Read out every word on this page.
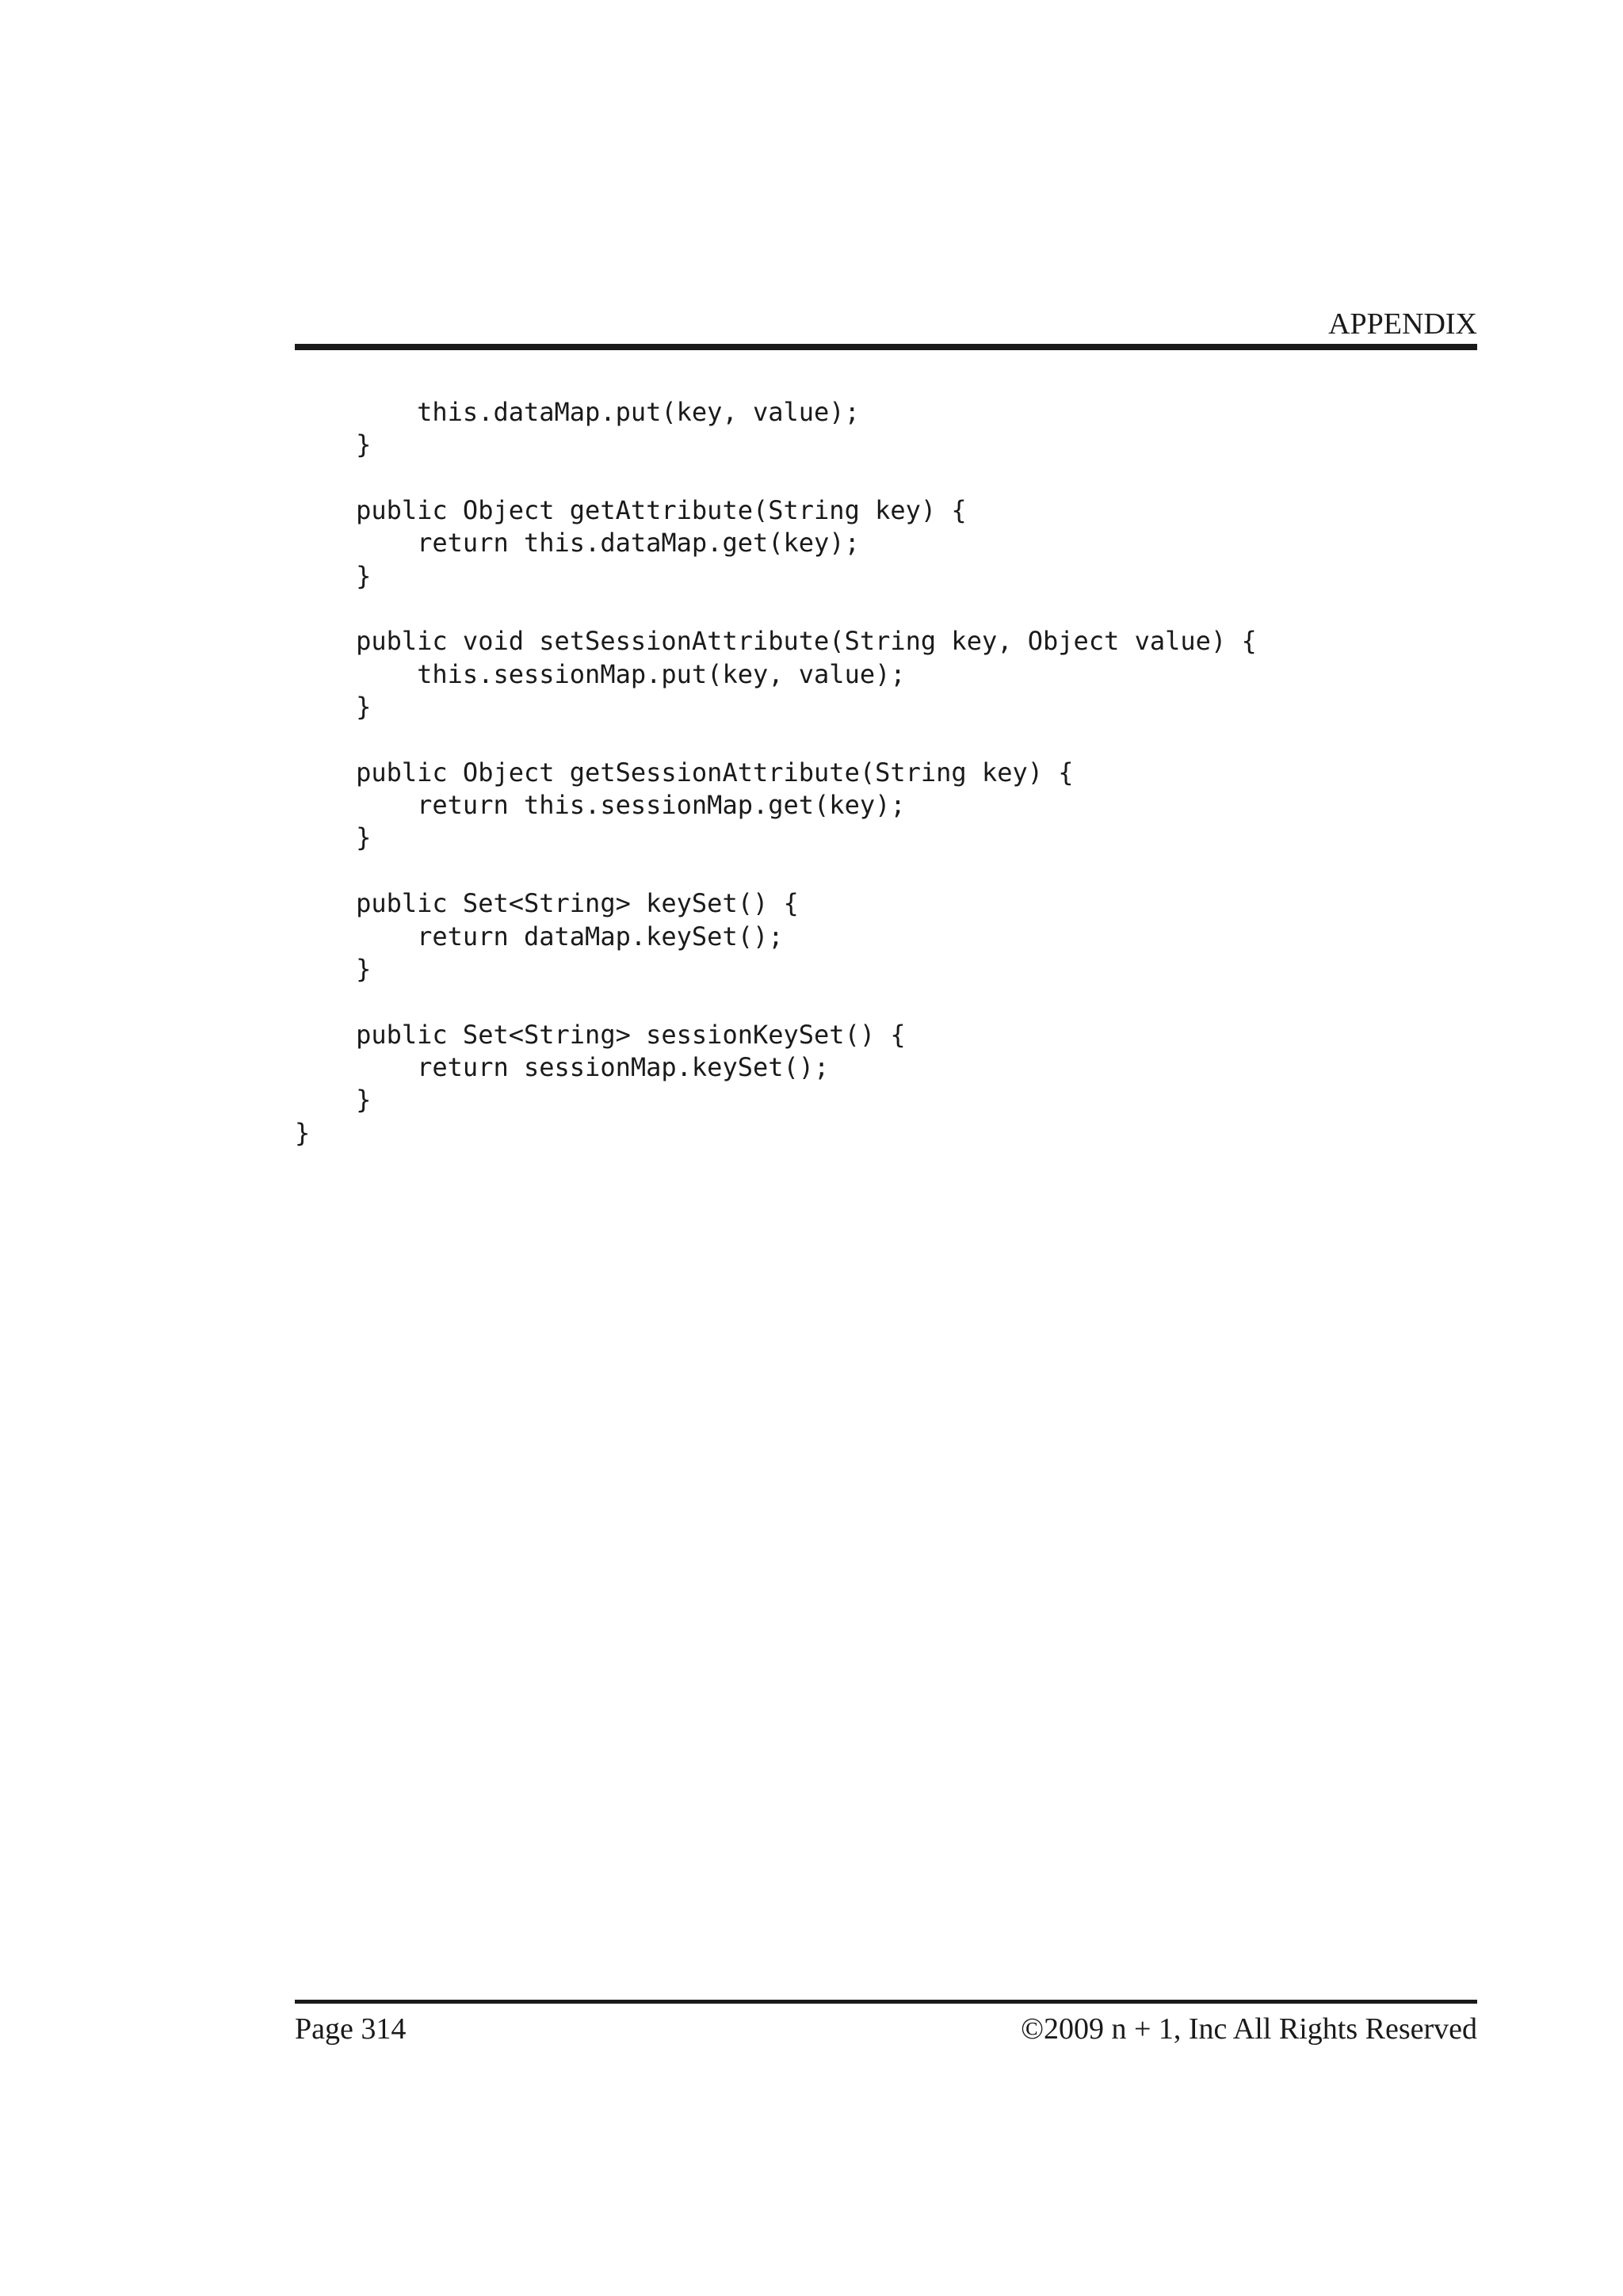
APPENDIX
this.dataMap.put(key, value);
}
public Object getAttribute(String key) {
return this.dataMap.get(key);
}
public void setSessionAttribute(String key, Object value) {
this.sessionMap.put(key, value);
}
public Object getSessionAttribute(String key) {
return this.sessionMap.get(key);
}
public Set<String> keySet() {
return dataMap.keySet();
}
public Set<String> sessionKeySet() {
return sessionMap.keySet();
}
}
Page 314	©2009 n + 1, Inc All Rights Reserved
